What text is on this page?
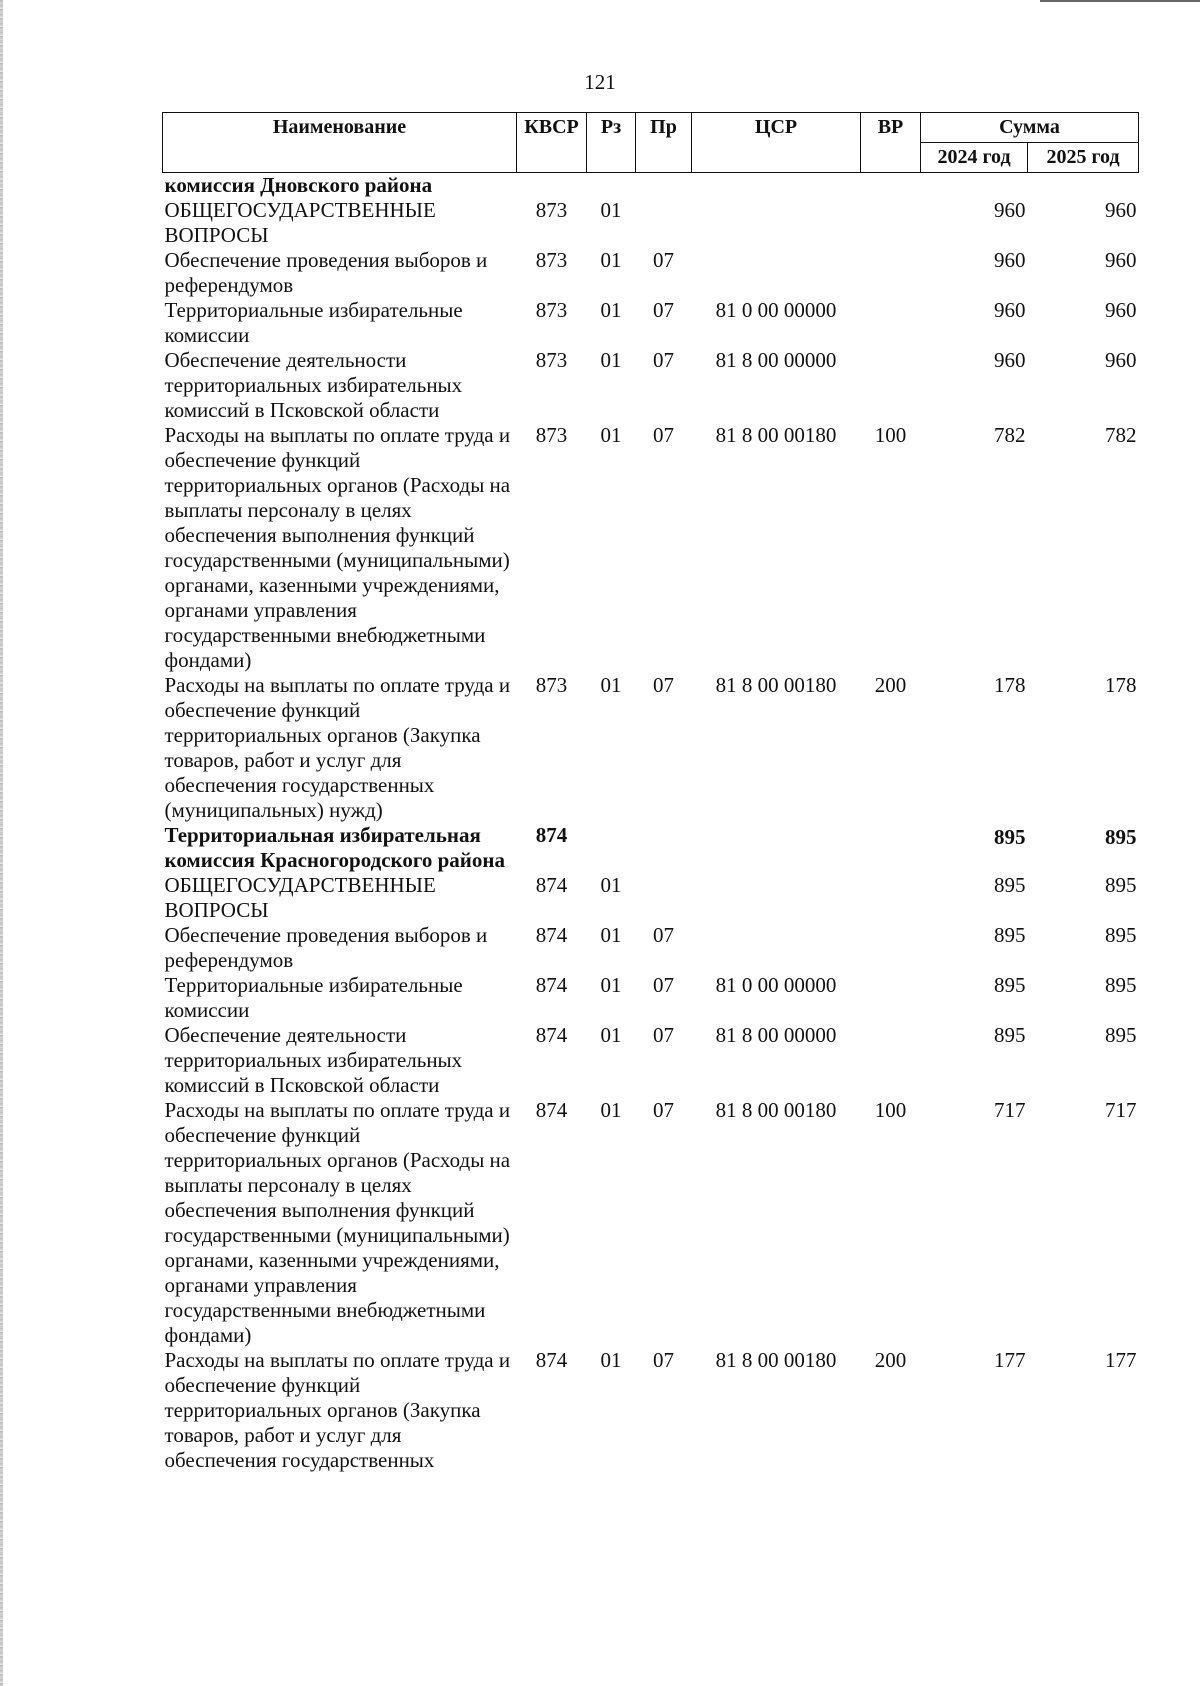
121
Наименование	КВСР	Рз	Пр	ЦСР	ВР	Сумма	
						2024 год	2025 год
комиссия Дновского района							
ОБЩЕГОСУДАРСТВЕННЫЕ ВОПРОСЫ	873	01				960	960
Обеспечение проведения выборов и референдумов	873	01	07			960	960
Территориальные избирательные комиссии	873	01	07	81 0 00 00000		960	960
Обеспечение деятельности территориальных избирательных комиссий в Псковской области	873	01	07	81 8 00 00000		960	960
Расходы на выплаты по оплате труда и обеспечение функций территориальных органов (Расходы на выплаты персоналу в целях обеспечения выполнения функций государственными (муниципальными) органами, казенными учреждениями, органами управления государственными внебюджетными фондами)	873	01	07	81 8 00 00180	100	782	782
Расходы на выплаты по оплате труда и обеспечение функций территориальных органов (Закупка товаров, работ и услуг для обеспечения государственных (муниципальных) нужд)	873	01	07	81 8 00 00180	200	178	178
Территориальная избирательная комиссия Красногородского района	874					895	895
ОБЩЕГОСУДАРСТВЕННЫЕ ВОПРОСЫ	874	01				895	895
Обеспечение проведения выборов и референдумов	874	01	07			895	895
Территориальные избирательные комиссии	874	01	07	81 0 00 00000		895	895
Обеспечение деятельности территориальных избирательных комиссий в Псковской области	874	01	07	81 8 00 00000		895	895
Расходы на выплаты по оплате труда и обеспечение функций территориальных органов (Расходы на выплаты персоналу в целях обеспечения выполнения функций государственными (муниципальными) органами, казенными учреждениями, органами управления государственными внебюджетными фондами)	874	01	07	81 8 00 00180	100	717	717
Расходы на выплаты по оплате труда и обеспечение функций территориальных органов (Закупка товаров, работ и услуг для обеспечения государственных	874	01	07	81 8 00 00180	200	177	177
